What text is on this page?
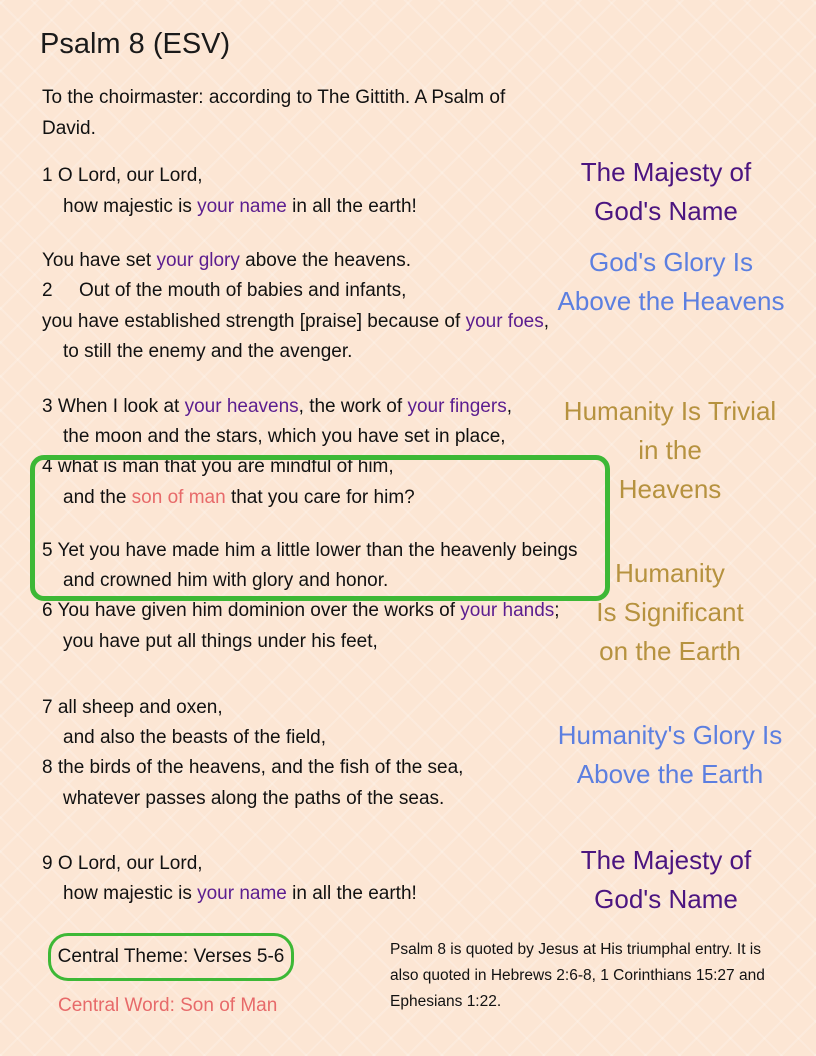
Psalm 8 (ESV)
To the choirmaster: according to The Gittith. A Psalm of David.
1 O Lord, our Lord,
how majestic is your name in all the earth!
You have set your glory above the heavens.
2     Out of the mouth of babies and infants,
you have established strength [praise] because of your foes,
to still the enemy and the avenger.
3 When I look at your heavens, the work of your fingers,
the moon and the stars, which you have set in place,
4 what is man that you are mindful of him,
and the son of man that you care for him?
5 Yet you have made him a little lower than the heavenly beings
and crowned him with glory and honor.
6 You have given him dominion over the works of your hands;
you have put all things under his feet,
7 all sheep and oxen,
and also the beasts of the field,
8 the birds of the heavens, and the fish of the sea,
whatever passes along the paths of the seas.
9 O Lord, our Lord,
how majestic is your name in all the earth!
The Majesty of
God's Name
God's Glory Is
Above the Heavens
Humanity Is Trivial
in the
Heavens
Humanity
Is Significant
on the Earth
Humanity's Glory Is
Above the Earth
The Majesty of
God's Name
Central Theme: Verses 5-6
Central Word: Son of Man
Psalm 8 is quoted by Jesus at His triumphal entry. It is also quoted in Hebrews 2:6-8, 1 Corinthians 15:27 and Ephesians 1:22.
